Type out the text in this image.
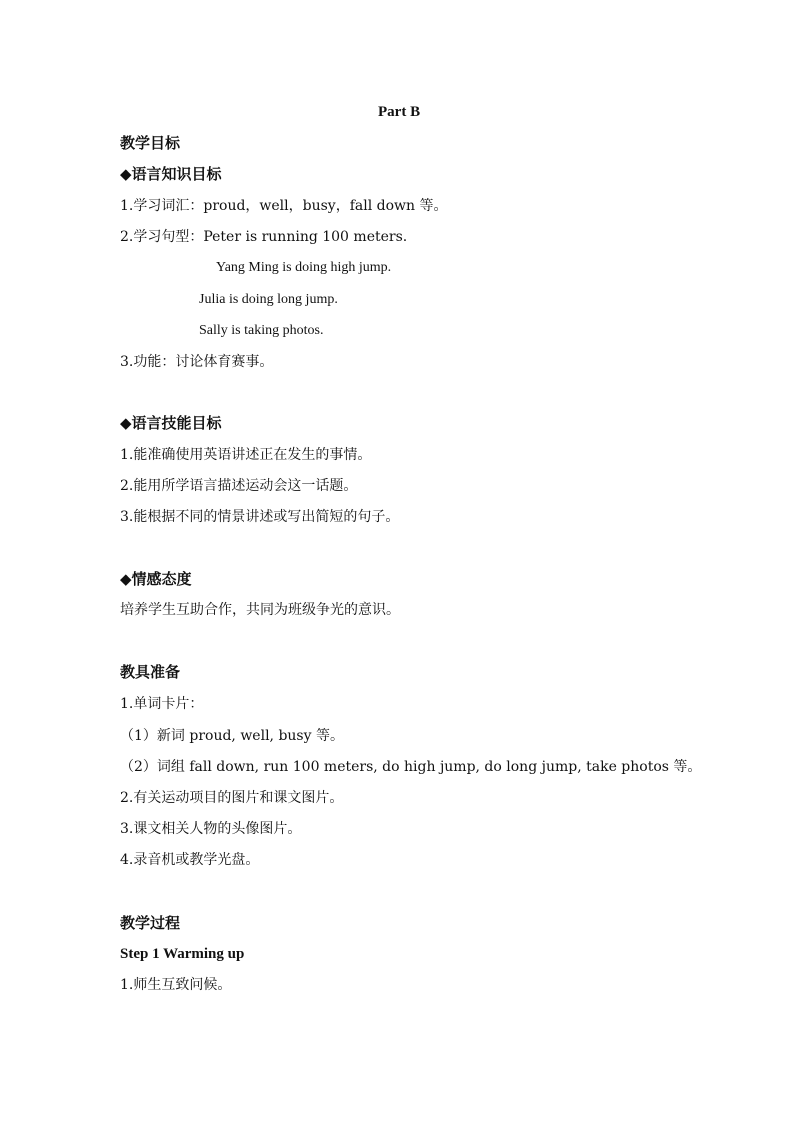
Part B
教学目标
◆语言知识目标
1.学习词汇：proud，well，busy，fall down 等。
2.学习句型：Peter is running 100 meters.
Yang Ming is doing high jump.
Julia is doing long jump.
Sally is taking photos.
3.功能：讨论体育赛事。
◆语言技能目标
1.能准确使用英语讲述正在发生的事情。
2.能用所学语言描述运动会这一话题。
3.能根据不同的情景讲述或写出简短的句子。
◆情感态度
培养学生互助合作，共同为班级争光的意识。
教具准备
1.单词卡片：
（1）新词 proud, well, busy 等。
（2）词组 fall down, run 100 meters, do high jump, do long jump, take photos 等。
2.有关运动项目的图片和课文图片。
3.课文相关人物的头像图片。
4.录音机或教学光盘。
教学过程
Step 1 Warming up
1.师生互致问候。
